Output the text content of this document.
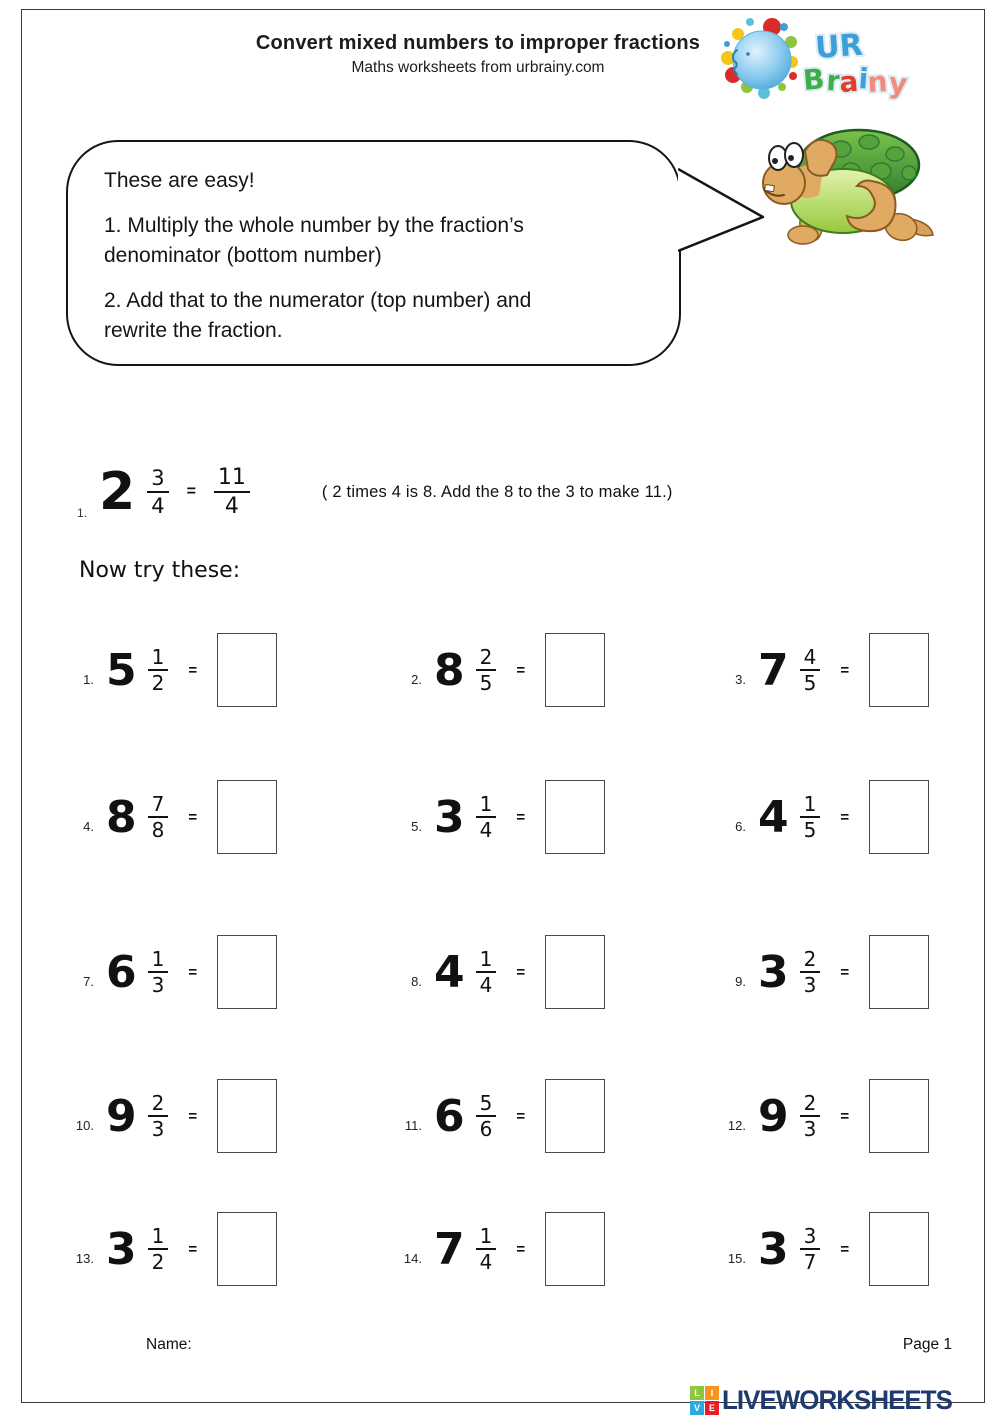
Convert mixed numbers to improper fractions
Maths worksheets from urbrainy.com
UR
B r
a
i
n
y

These are easy!

1. Multiply the whole number by the fraction’s
denominator (bottom number)

2. Add that to the numerator (top number) and
rewrite the fraction.

1. $2 \frac{3}{4} = \frac{11}{4}$	( 2 times 4 is 8. Add the 8 to the 3 to make 11.)
Now try these:
1. $5 \frac{1}{2}$ =
2. $8 \frac{2}{5}$ =
3. $7 \frac{4}{5}$ =
4. $8 \frac{7}{8}$ =
5. $3 \frac{1}{4}$ =
6. $4 \frac{1}{5}$ =
7. $6 \frac{1}{3}$ =
8. $4 \frac{1}{4}$ =
9. $3 \frac{2}{3}$ =
10. $9 \frac{2}{3}$ =
11. $6 \frac{5}{6}$ =
12. $9 \frac{2}{3}$ =
13. $3 \frac{1}{2}$ =
14. $7 \frac{1}{4}$ =
15. $3 \frac{3}{7}$ =
Name:	Page 1
L	I
V E LIVEWORKSHEETS
